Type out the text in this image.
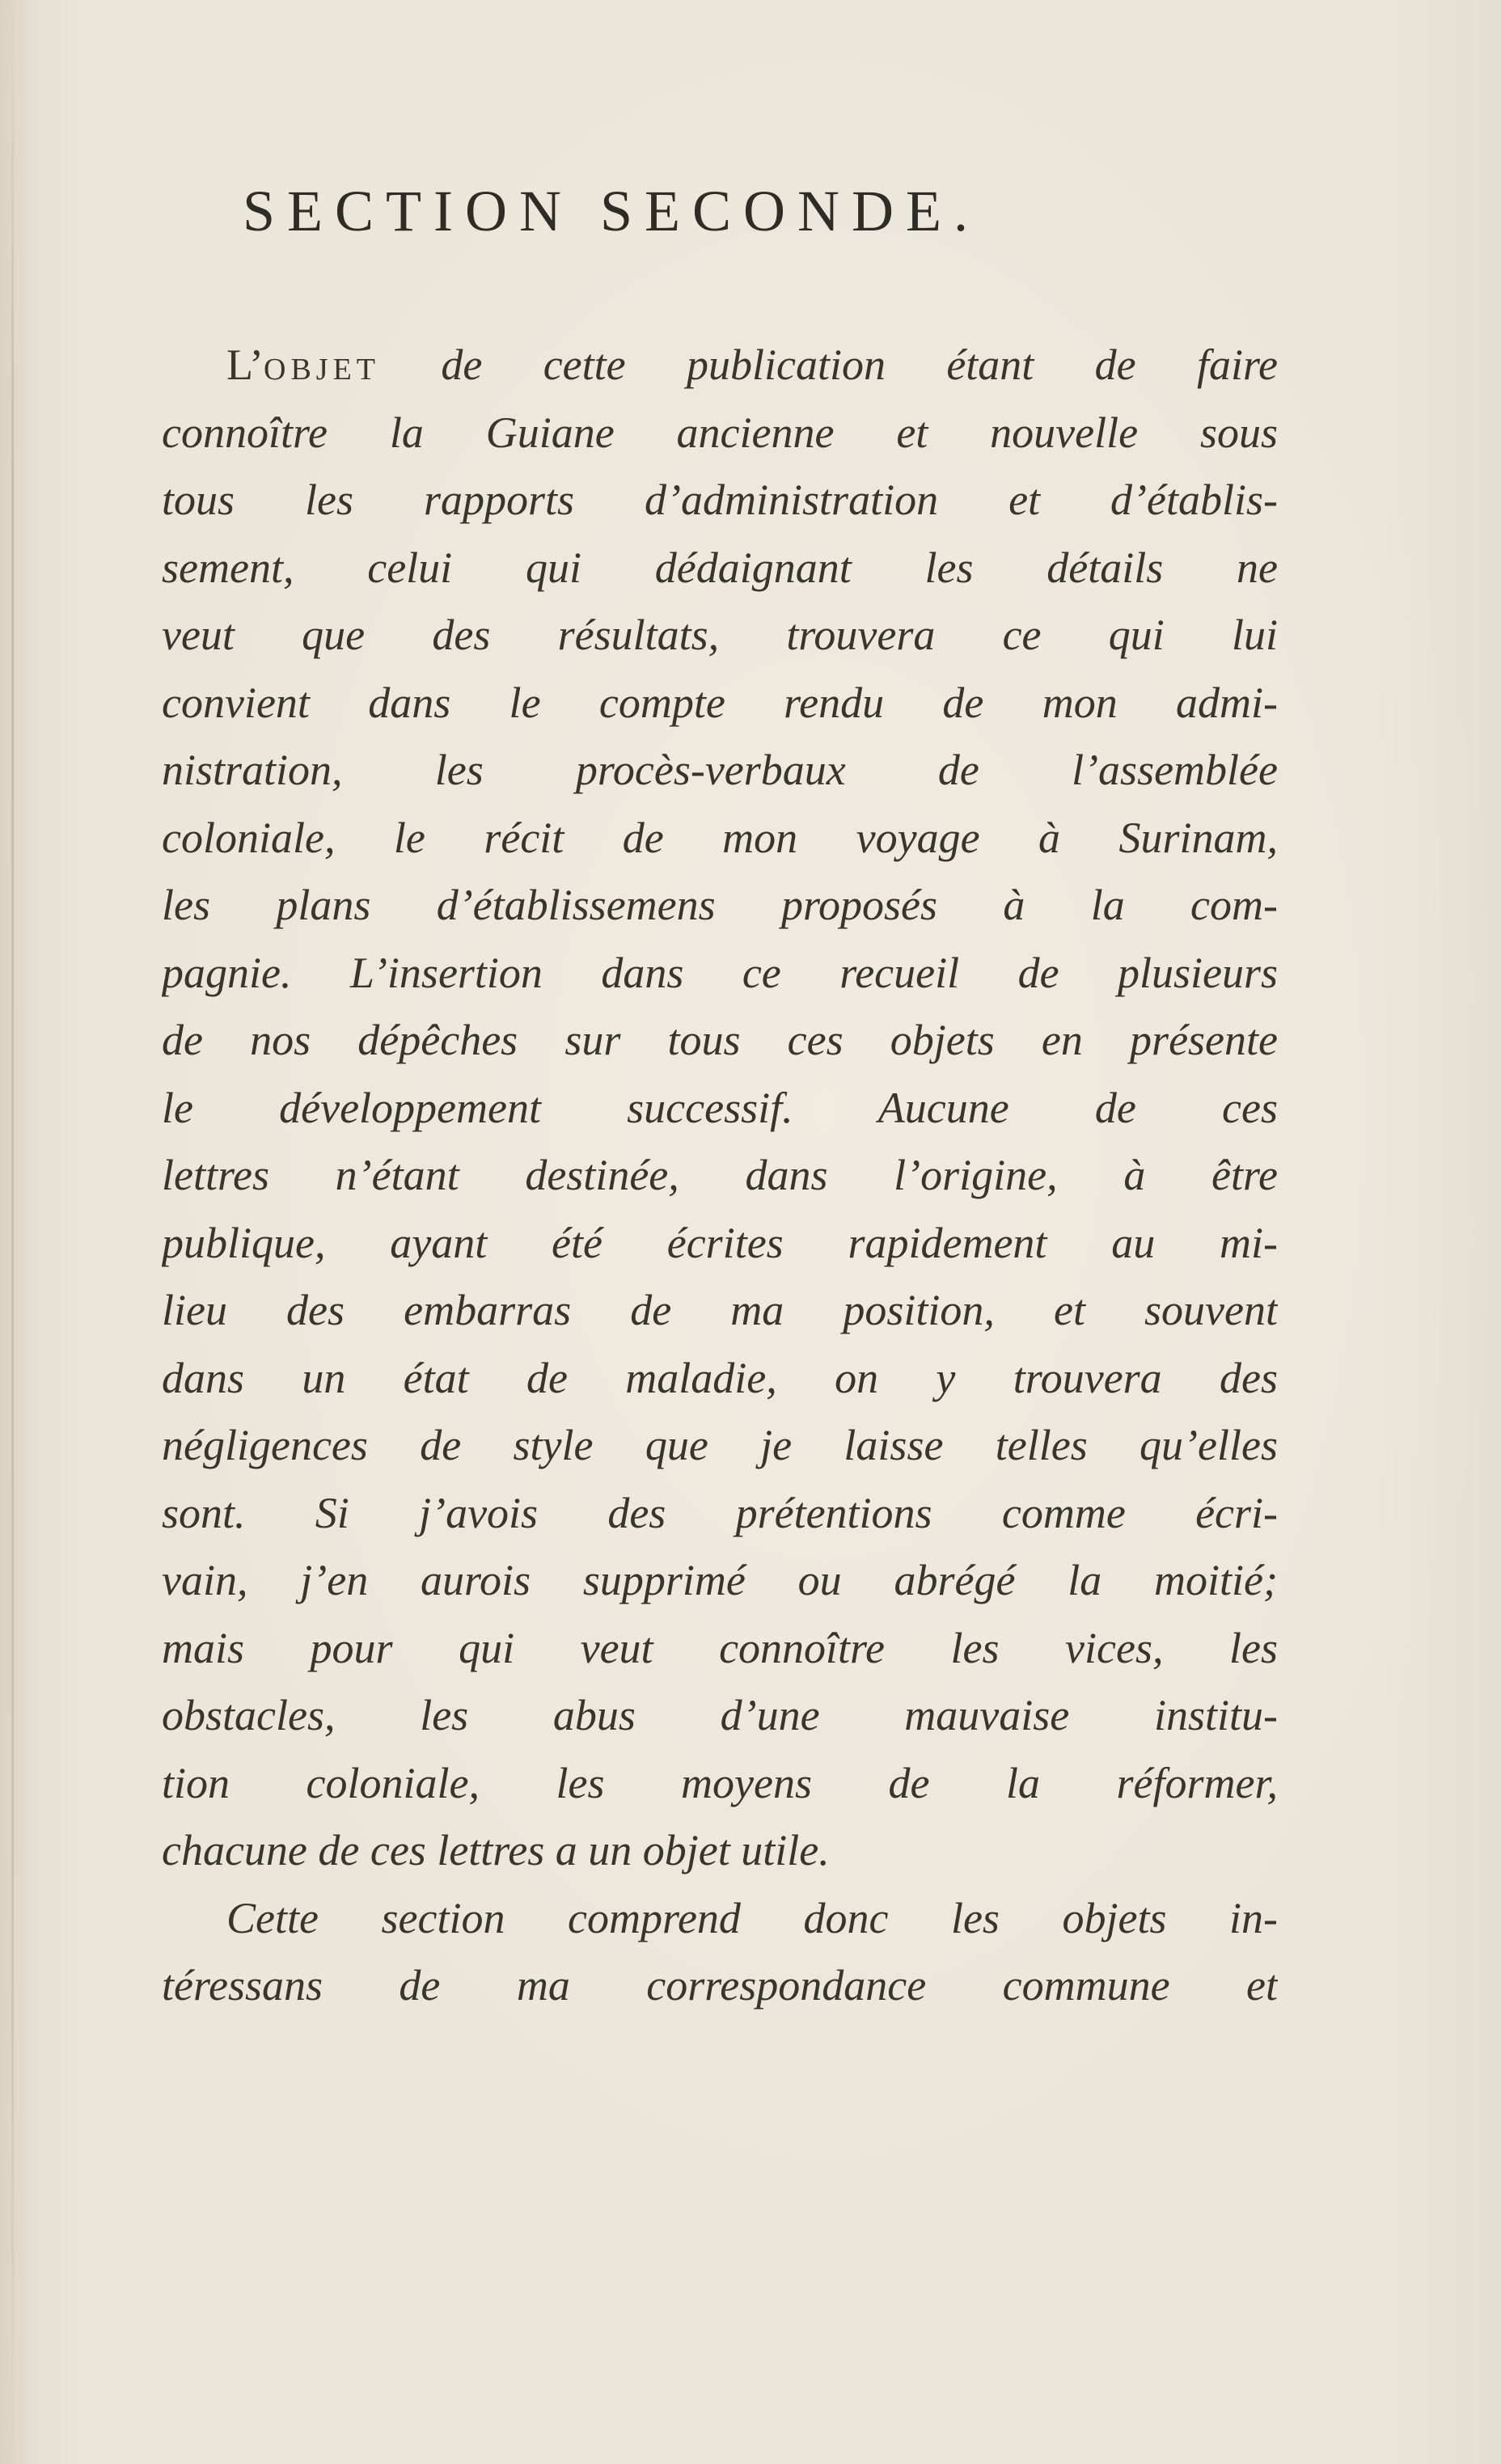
SECTION SECONDE.
L’objet de cette publication étant de faire
connoître la Guiane ancienne et nouvelle sous
tous les rapports d’administration et d’établis-
sement, celui qui dédaignant les détails ne
veut que des résultats, trouvera ce qui lui
convient dans le compte rendu de mon admi-
nistration, les procès-verbaux de l’assemblée
coloniale, le récit de mon voyage à Surinam,
les plans d’établissemens proposés à la com-
pagnie. L’insertion dans ce recueil de plusieurs
de nos dépêches sur tous ces objets en présente
le développement successif. Aucune de ces
lettres n’étant destinée, dans l’origine, à être
publique, ayant été écrites rapidement au mi-
lieu des embarras de ma position, et souvent
dans un état de maladie, on y trouvera des
négligences de style que je laisse telles qu’elles
sont. Si j’avois des prétentions comme écri-
vain, j’en aurois supprimé ou abrégé la moitié;
mais pour qui veut connoître les vices, les
obstacles, les abus d’une mauvaise institu-
tion coloniale, les moyens de la réformer,
chacune de ces lettres a un objet utile.
Cette section comprend donc les objets in-
téressans de ma correspondance commune et
